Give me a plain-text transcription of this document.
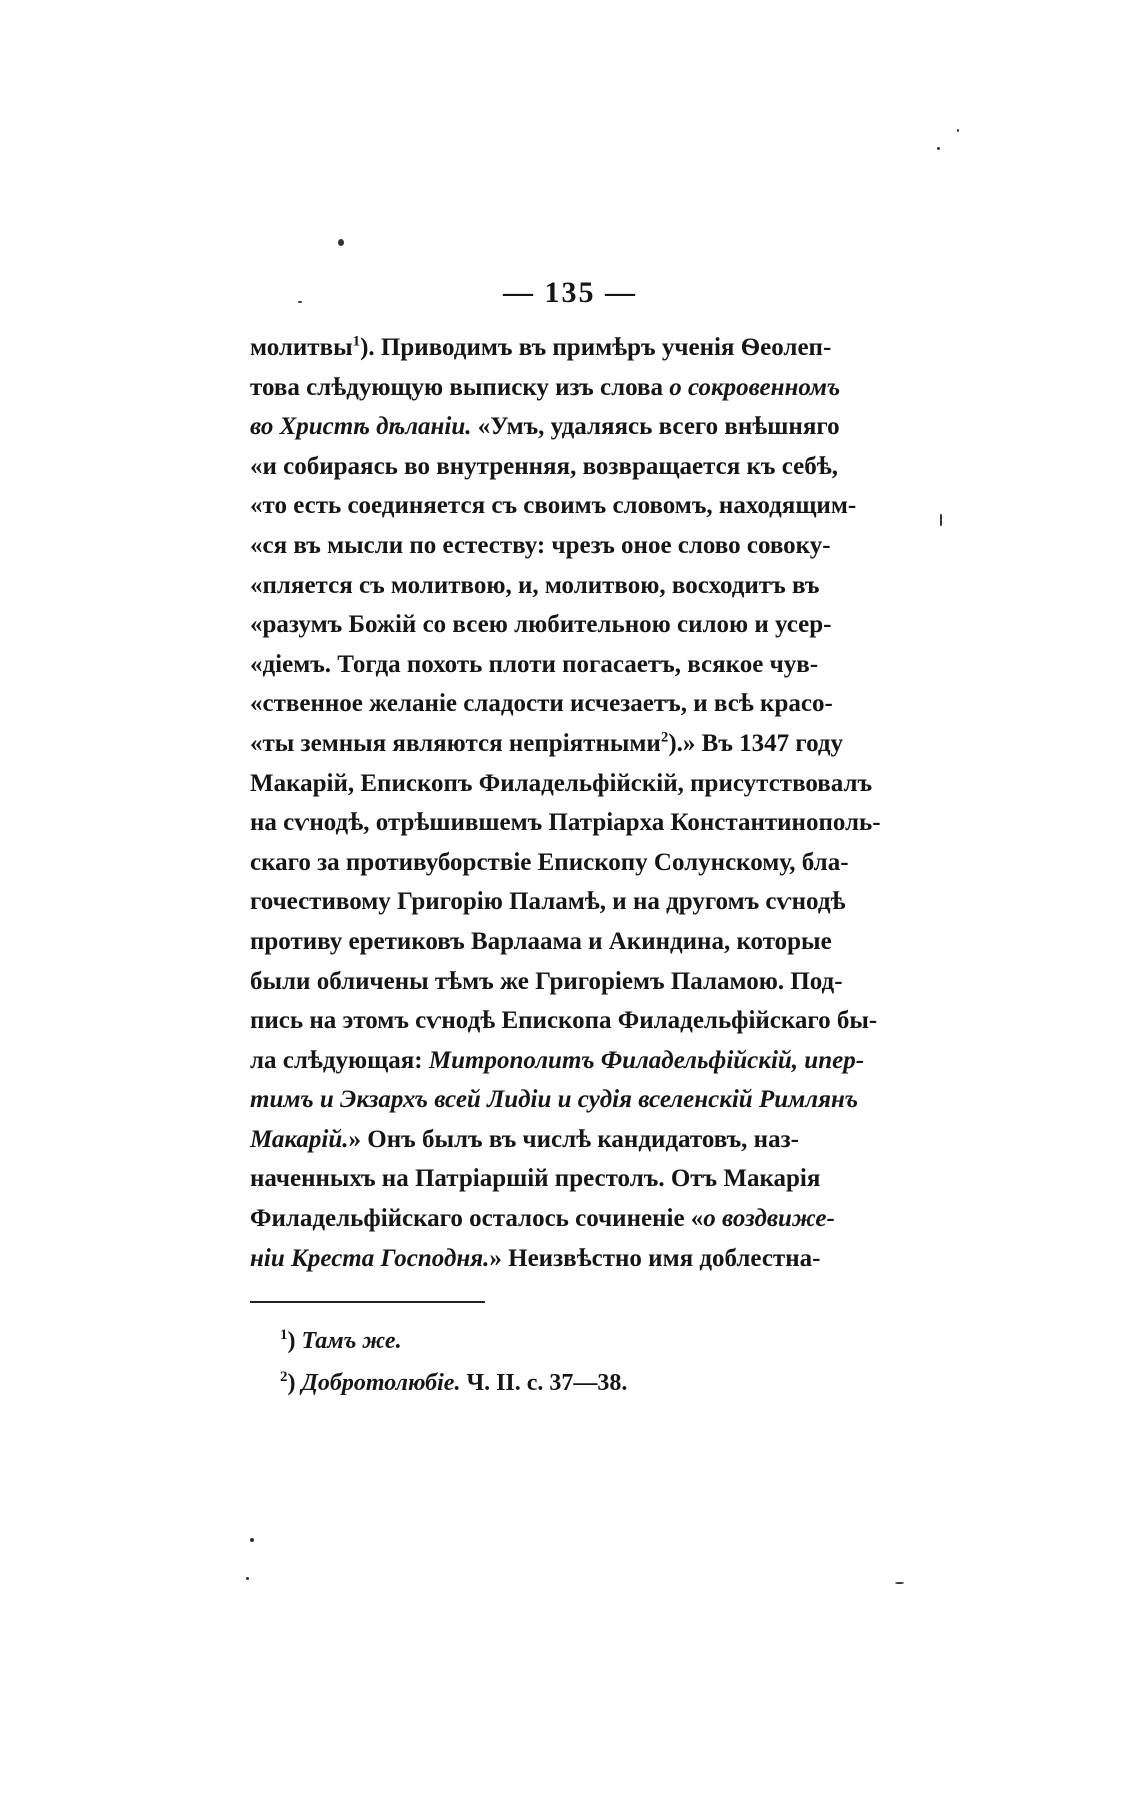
— 135 —
молитвы$^1$). Приводимъ въ примѣръ ученія Ѳеолеп-
това слѣдующую выписку изъ слова о сокровенномъ
во Христѣ дѣланіи. «Умъ, удаляясь всего внѣшняго
«и собираясь во внутренняя, возвращается къ себѣ,
«то есть соединяется съ своимъ словомъ, находящим-
«ся въ мысли по естеству: чрезъ оное слово совоку-
«пляется съ молитвою, и, молитвою, восходитъ въ
«разумъ Божій со всею любительною силою и усер-
«діемъ. Тогда похоть плоти погасаетъ, всякое чув-
«ственное желаніе сладости исчезаетъ, и всѣ красо-
«ты земныя являются непріятными$^2$).» Въ 1347 году
Макарій, Епископъ Филадельфійскій, присутствовалъ
на сѵнодѣ, отрѣшившемъ Патріарха Константинополь-
скаго за противуборствіе Епископу Солунскому, бла-
гочестивому Григорію Паламѣ, и на другомъ сѵнодѣ
противу еретиковъ Варлаама и Акиндина, которые
были обличены тѣмъ же Григоріемъ Паламою. Под-
пись на этомъ сѵнодѣ Епископа Филадельфійскаго бы-
ла слѣдующая: Митрополитъ Филадельфійскій, ипер-
тимъ и Экзархъ всей Лидіи и судія вселенскій Римлянъ
Макарій.» Онъ былъ въ числѣ кандидатовъ, наз-
наченныхъ на Патріаршій престолъ. Отъ Макарія
Филадельфійскаго осталось сочиненіе «о воздвиже-
ніи Креста Господня.» Неизвѣстно имя доблестна-
$^1$) Тамъ же.
$^2$) Добротолюбіе. Ч. II. с. 37—38.
